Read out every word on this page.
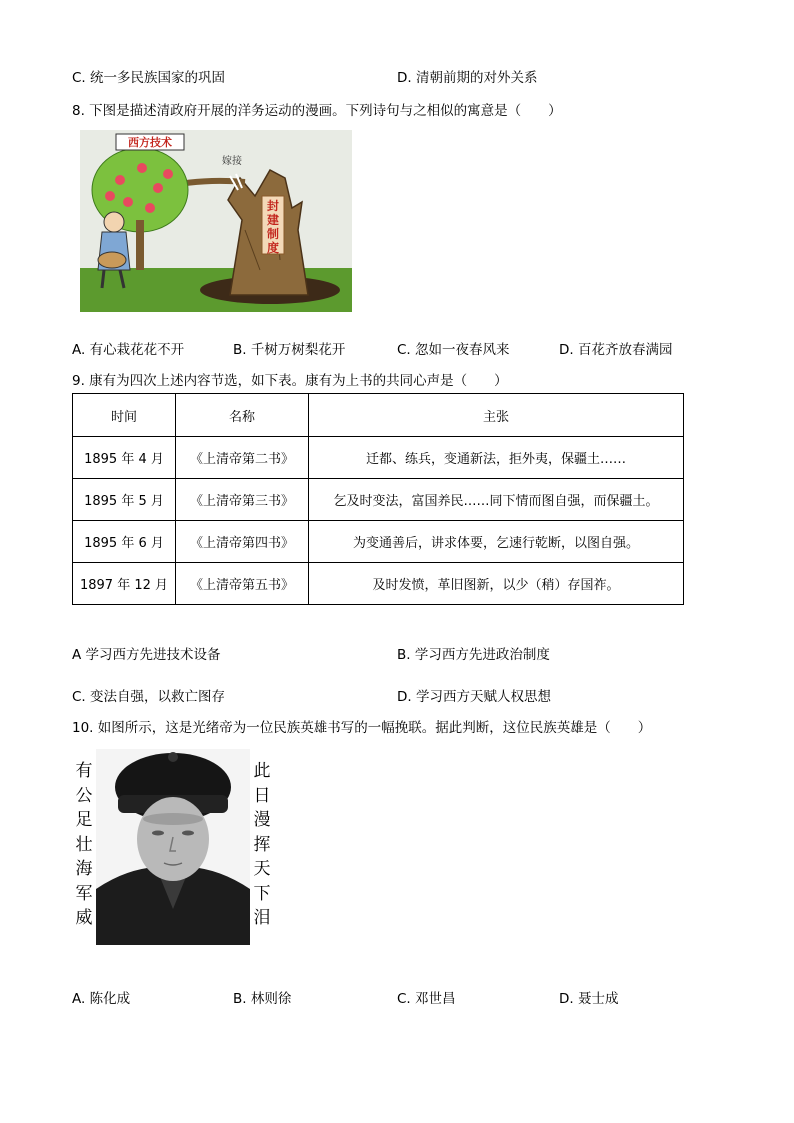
C. 统一多民族国家的巩固	D. 清朝前期的对外关系
8. 下图是描述清政府开展的洋务运动的漫画。下列诗句与之相似的寓意是（　　）
封
建
制
度
嫁接
西方技术
A. 有心栽花花不开	B. 千树万树梨花开	C. 忽如一夜春风来	D. 百花齐放春满园
9. 康有为四次上述内容节选，如下表。康有为上书的共同心声是（　　）
时间	名称	主张
1895 年 4 月	《上清帝第二书》	迁都、练兵，变通新法，拒外夷，保疆土……
1895 年 5 月	《上清帝第三书》	乞及时变法，富国养民……同下情而图自强，而保疆土。
1895 年 6 月	《上清帝第四书》	为变通善后，讲求体要，乞速行乾断，以图自强。
1897 年 12 月	《上清帝第五书》	及时发愤，革旧图新，以少（稍）存国祚。
A 学习西方先进技术设备	B. 学习西方先进政治制度
C. 变法自强，以救亡图存	D. 学习西方天赋人权思想
10. 如图所示，这是光绪帝为一位民族英雄书写的一幅挽联。据此判断，这位民族英雄是（　　）
有
公
足
壮
海
军
威
此
日
漫
挥
天
下
泪
A. 陈化成	B. 林则徐	C. 邓世昌	D. 聂士成
